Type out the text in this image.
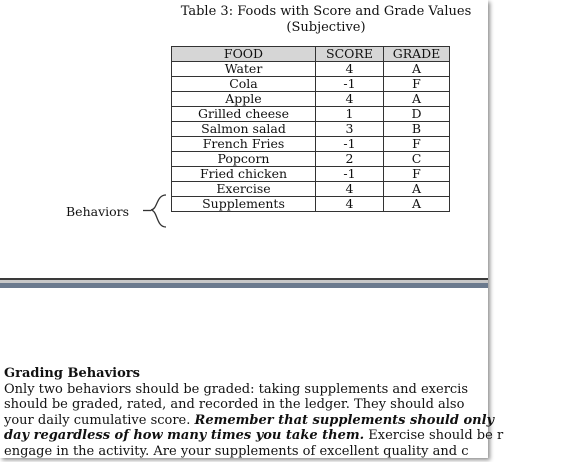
Table 3: Foods with Score and Grade Values
(Subjective)
FOOD	SCORE	GRADE
Water	4	A
Cola	-1	F
Apple	4	A
Grilled cheese	1	D
Salmon salad	3	B
French Fries	-1	F
Popcorn	2	C
Fried chicken	-1	F
Exercise	4	A
Supplements	4	A
Behaviors
Grading Behaviors
Only two behaviors should be graded: taking supplements and exercis
should be graded, rated, and recorded in the ledger. They should also
your daily cumulative score. Remember that supplements should only
day regardless of how many times you take them. Exercise should be r
engage in the activity. Are your supplements of excellent quality and c
